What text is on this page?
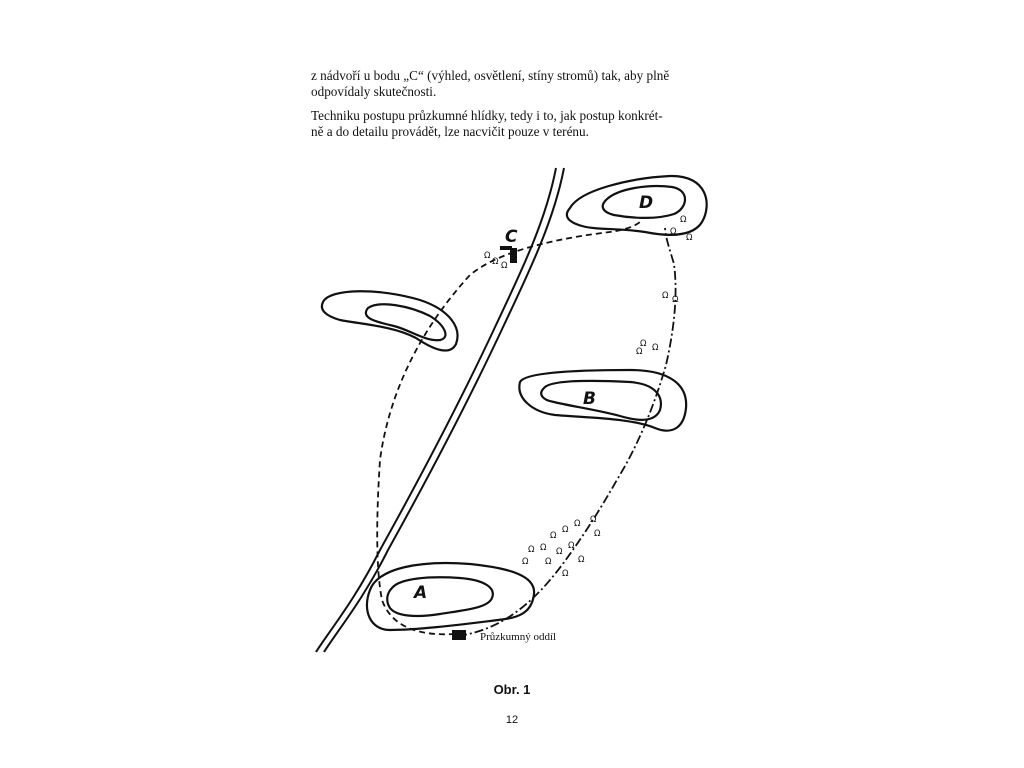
z nádvoří u bodu „C“ (výhled, osvětlení, stíny stromů) tak, aby plně
odpovídaly skutečnosti.

Techniku postupu průzkumné hlídky, tedy i to, jak postup konkrét-
ně a do detailu provádět, lze nacvičit pouze v terénu.

D
B
A
C
Průzkumný oddíl
Ω
Ω Ω
Ω
Ω
Ω
Ω Ω
Ω Ω
Ω
Ω
Ω
Ω Ω
Ω Ω Ω
Ω Ω
Ω
Ω
Ω
Ω
Obr. 1
12
